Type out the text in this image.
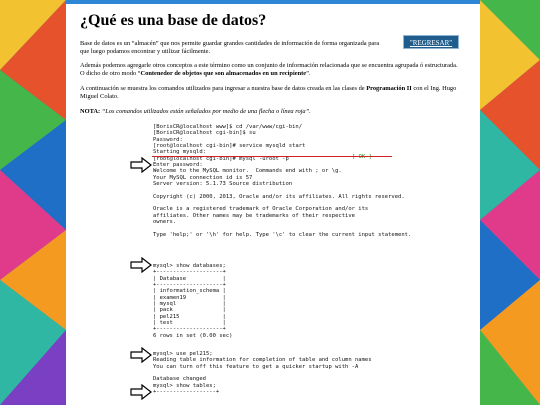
¿Qué es una base de datos?
"REGRESAR"

Base de datos es un “almacén” que nos permite guardar grandes cantidades de información de forma organizada para que luego podamos encontrar y utilizar fácilmente.

Además podemos agregarle otros conceptos a este término como un conjunto de información relacionada que se encuentra agrupada ó estructurada. O dicho de otro modo “Contenedor de objetos que son almacenados en un recipiente”.

A continuación se muestra los comandos utilizados para ingresar a nuestra base de datos creada en las clases de Programación II con el Ing. Hugo Miguel Colato.

NOTA: “Los comandos utilizados están señalados por medio de una flecha o línea roja”.

[BorisCR@localhost www]$ cd /var/www/cgi-bin/
[BorisCR@localhost cgi-bin]$ su
Password:
[root@localhost cgi-bin]# service mysqld start
Starting mysqld:
[root@localhost cgi-bin]# mysql -uroot -p
Enter password:
Welcome to the MySQL monitor.  Commands end with ; or \g.
Your MySQL connection id is 57
Server version: 5.1.73 Source distribution
Copyright (c) 2000, 2013, Oracle and/or its affiliates. All rights reserved.
Oracle is a registered trademark of Oracle Corporation and/or its
affiliates. Other names may be trademarks of their respective
owners.
Type 'help;' or '\h' for help. Type '\c' to clear the current input statement.
mysql> show databases;
+--------------------+
| Database           |
+--------------------+
| information_schema |
| examen19           |
| mysql              |
| pack               |
| pel215             |
| test               |
+--------------------+
6 rows in set (0.00 sec)
mysql> use pel215;
Reading table information for completion of table and column names
You can turn off this feature to get a quicker startup with -A
Database changed
mysql> show tables;
+------------------+
[ OK ]
